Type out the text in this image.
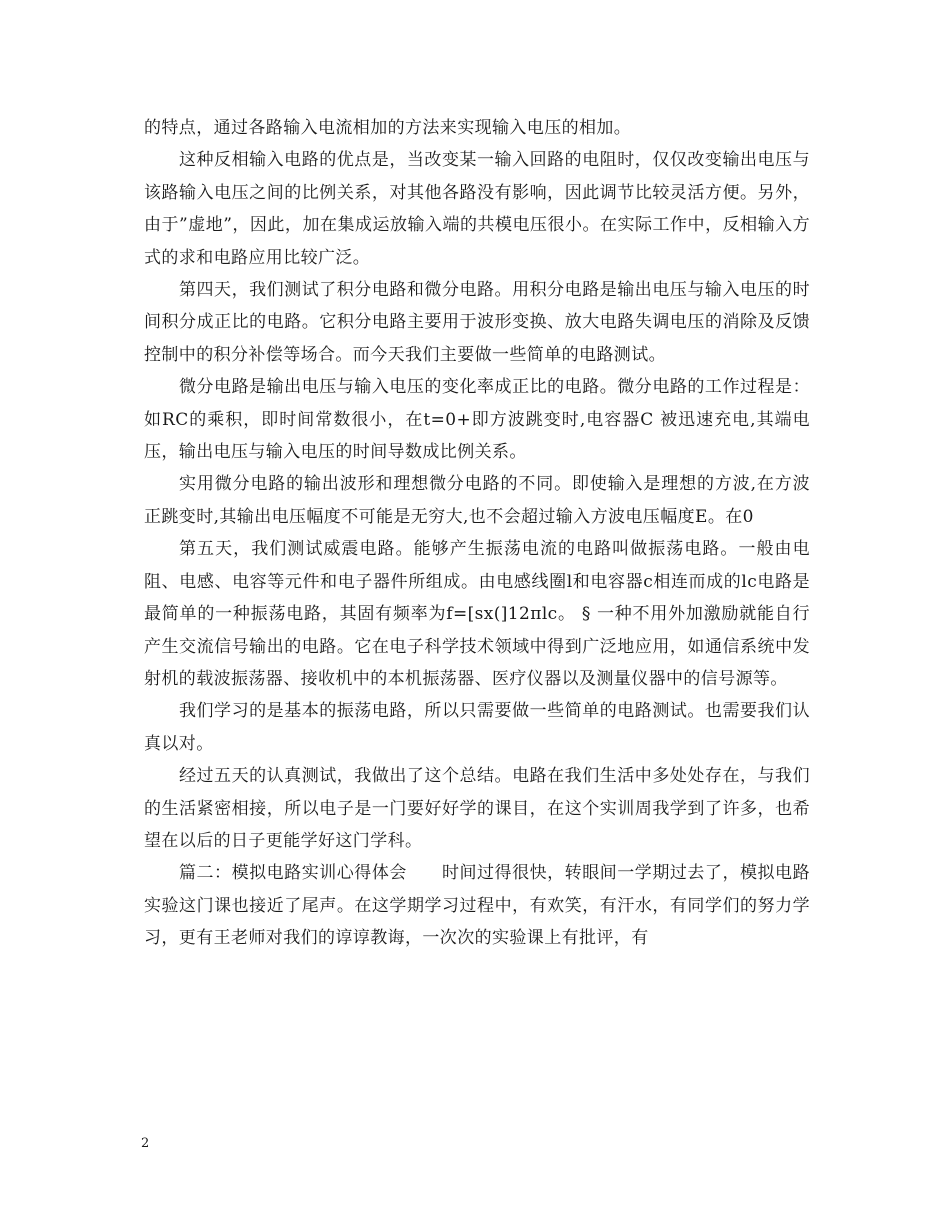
的特点，通过各路输入电流相加的方法来实现输入电压的相加。

这种反相输入电路的优点是，当改变某一输入回路的电阻时，仅仅改变输出电压与该路输入电压之间的比例关系，对其他各路没有影响，因此调节比较灵活方便。另外，由于”虚地”，因此，加在集成运放输入端的共模电压很小。在实际工作中，反相输入方式的求和电路应用比较广泛。

第四天，我们测试了积分电路和微分电路。用积分电路是输出电压与输入电压的时间积分成正比的电路。它积分电路主要用于波形变换、放大电路失调电压的消除及反馈控制中的积分补偿等场合。而今天我们主要做一些简单的电路测试。

微分电路是输出电压与输入电压的变化率成正比的电路。微分电路的工作过程是：如RC的乘积，即时间常数很小，在t=0+即方波跳变时,电容器C 被迅速充电,其端电压，输出电压与输入电压的时间导数成比例关系。

实用微分电路的输出波形和理想微分电路的不同。即使输入是理想的方波,在方波正跳变时,其输出电压幅度不可能是无穷大,也不会超过输入方波电压幅度E。在0

第五天，我们测试威震电路。能够产生振荡电流的电路叫做振荡电路。一般由电阻、电感、电容等元件和电子器件所组成。由电感线圈l和电容器c相连而成的lc电路是最简单的一种振荡电路，其固有频率为f=[sx(]12πlc。 § 一种不用外加激励就能自行产生交流信号输出的电路。它在电子科学技术领域中得到广泛地应用，如通信系统中发射机的载波振荡器、接收机中的本机振荡器、医疗仪器以及测量仪器中的信号源等。

我们学习的是基本的振荡电路，所以只需要做一些简单的电路测试。也需要我们认真以对。

经过五天的认真测试，我做出了这个总结。电路在我们生活中多处处存在，与我们的生活紧密相接，所以电子是一门要好好学的课目，在这个实训周我学到了许多，也希望在以后的日子更能学好这门学科。

篇二：模拟电路实训心得体会　　时间过得很快，转眼间一学期过去了，模拟电路实验这门课也接近了尾声。在这学期学习过程中，有欢笑，有汗水，有同学们的努力学习，更有王老师对我们的谆谆教诲，一次次的实验课上有批评，有

2
